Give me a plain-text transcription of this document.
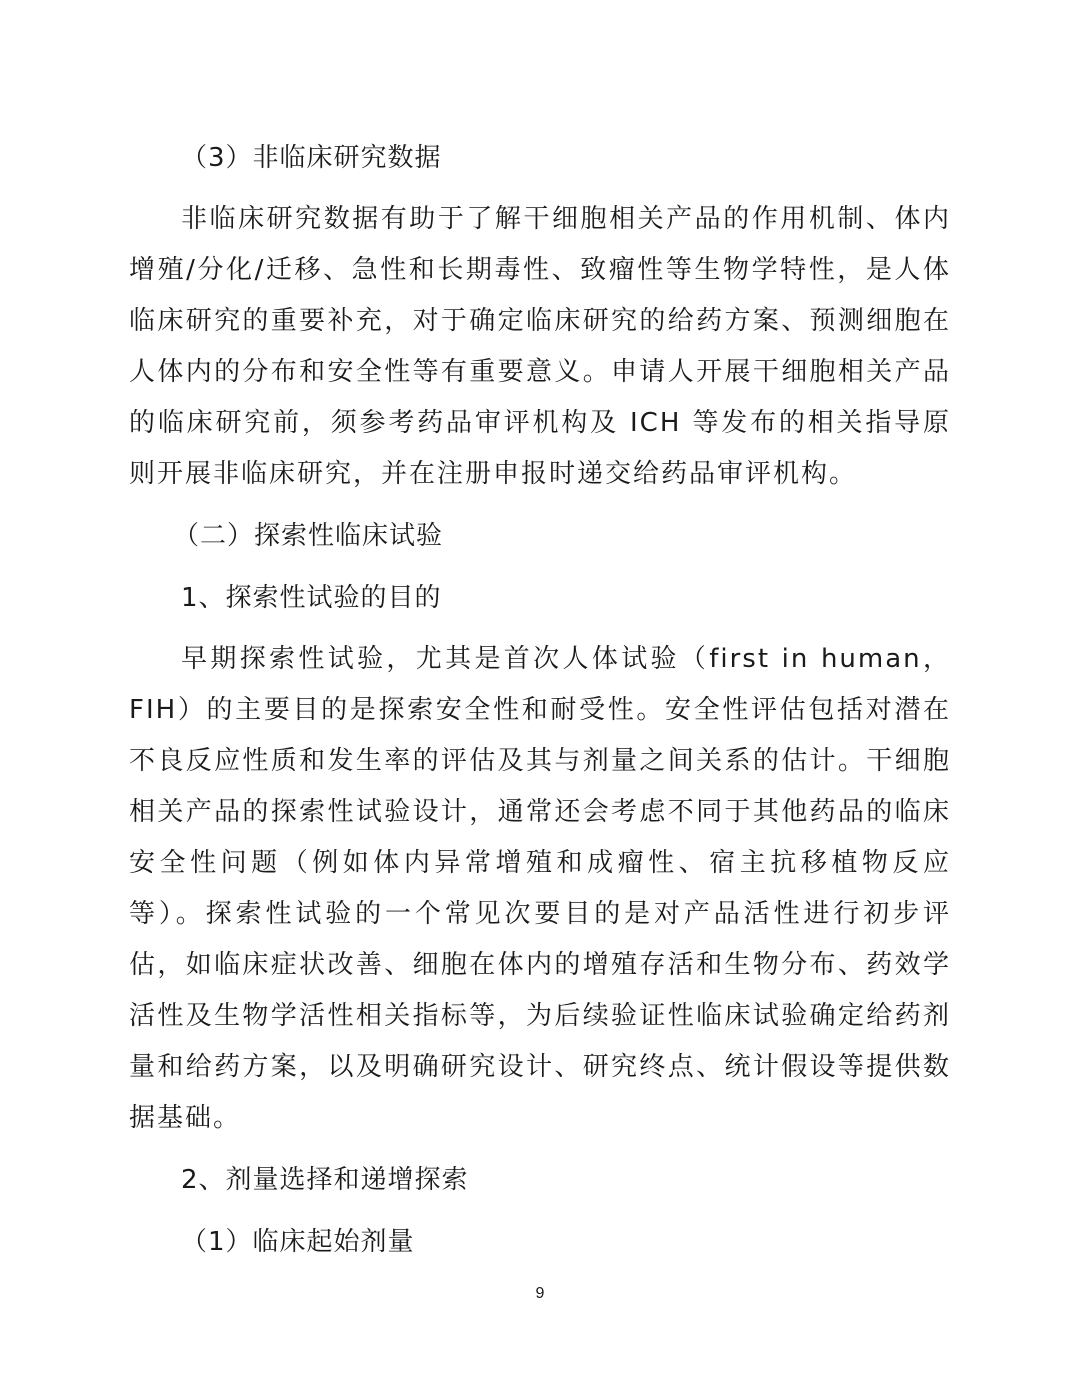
（3）非临床研究数据
非临床研究数据有助于了解干细胞相关产品的作用机制、体内增殖/分化/迁移、急性和长期毒性、致瘤性等生物学特性，是人体临床研究的重要补充，对于确定临床研究的给药方案、预测细胞在人体内的分布和安全性等有重要意义。申请人开展干细胞相关产品的临床研究前，须参考药品审评机构及 ICH 等发布的相关指导原则开展非临床研究，并在注册申报时递交给药品审评机构。
（二）探索性临床试验
1、探索性试验的目的
早期探索性试验，尤其是首次人体试验（first in human，FIH）的主要目的是探索安全性和耐受性。安全性评估包括对潜在不良反应性质和发生率的评估及其与剂量之间关系的估计。干细胞相关产品的探索性试验设计，通常还会考虑不同于其他药品的临床安全性问题（例如体内异常增殖和成瘤性、宿主抗移植物反应等）。探索性试验的一个常见次要目的是对产品活性进行初步评估，如临床症状改善、细胞在体内的增殖存活和生物分布、药效学活性及生物学活性相关指标等，为后续验证性临床试验确定给药剂量和给药方案，以及明确研究设计、研究终点、统计假设等提供数据基础。
2、剂量选择和递增探索
（1）临床起始剂量
9
